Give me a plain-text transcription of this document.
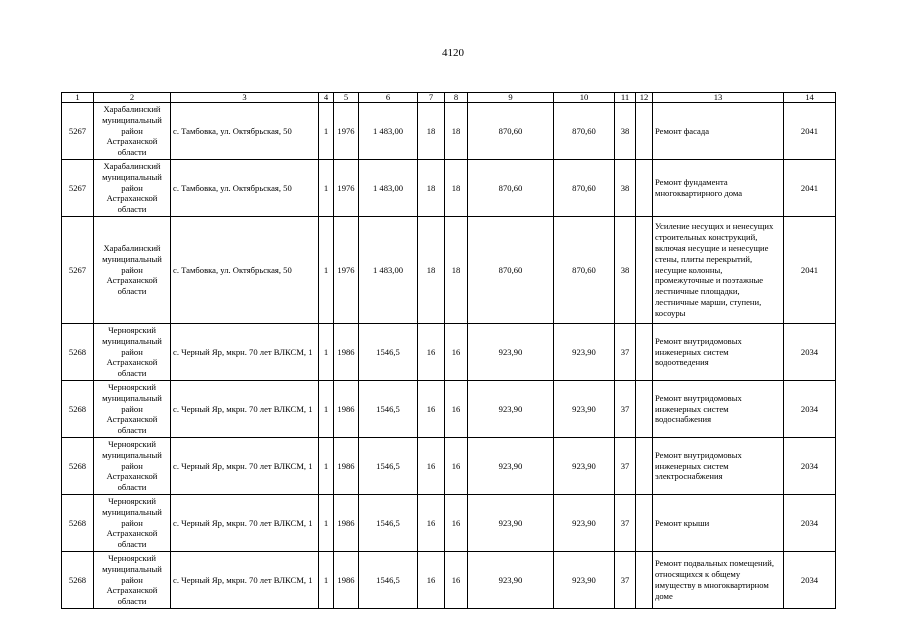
4120
1	2	3	4	5	6	7	8	9	10	11	12	13	14
5267	Харабалинский муниципальный район Астраханской области	с. Тамбовка, ул. Октябрьская, 50	1	1976	1 483,00	18	18	870,60	870,60	38		Ремонт фасада	2041
5267	Харабалинский муниципальный район Астраханской области	с. Тамбовка, ул. Октябрьская, 50	1	1976	1 483,00	18	18	870,60	870,60	38		Ремонт фундамента многоквартирного дома	2041
5267	Харабалинский муниципальный район Астраханской области	с. Тамбовка, ул. Октябрьская, 50	1	1976	1 483,00	18	18	870,60	870,60	38		Усиление несущих и ненесущих строительных конструкций, включая несущие и ненесущие стены, плиты перекрытий, несущие колонны, промежуточные и поэтажные лестничные площадки, лестничные марши, ступени, косоуры	2041
5268	Черноярский муниципальный район Астраханской области	с. Черный Яр, мкрн. 70 лет ВЛКСМ, 1	1	1986	1546,5	16	16	923,90	923,90	37		Ремонт внутридомовых инженерных систем водоотведения	2034
5268	Черноярский муниципальный район Астраханской области	с. Черный Яр, мкрн. 70 лет ВЛКСМ, 1	1	1986	1546,5	16	16	923,90	923,90	37		Ремонт внутридомовых инженерных систем водоснабжения	2034
5268	Черноярский муниципальный район Астраханской области	с. Черный Яр, мкрн. 70 лет ВЛКСМ, 1	1	1986	1546,5	16	16	923,90	923,90	37		Ремонт внутридомовых инженерных систем электроснабжения	2034
5268	Черноярский муниципальный район Астраханской области	с. Черный Яр, мкрн. 70 лет ВЛКСМ, 1	1	1986	1546,5	16	16	923,90	923,90	37		Ремонт крыши	2034
5268	Черноярский муниципальный район Астраханской области	с. Черный Яр, мкрн. 70 лет ВЛКСМ, 1	1	1986	1546,5	16	16	923,90	923,90	37		Ремонт подвальных помещений, относящихся к общему имуществу в многоквартирном доме	2034
